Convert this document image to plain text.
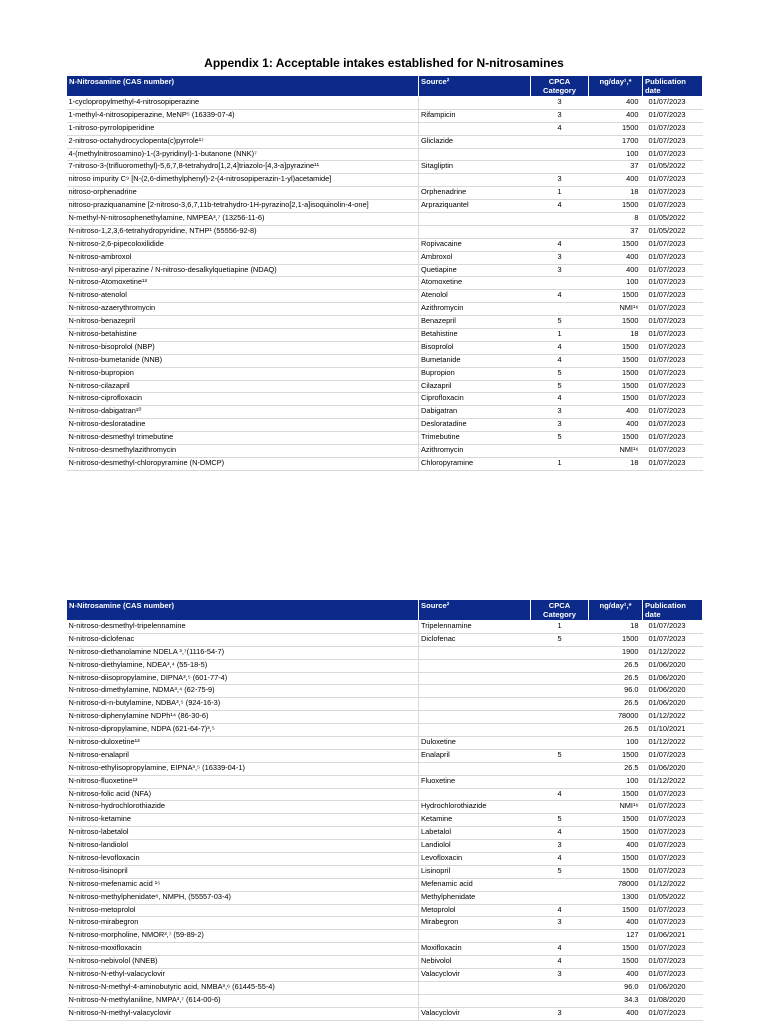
Appendix 1: Acceptable intakes established for N-nitrosamines
N-Nitrosamine (CAS number)	Source²	CPCA Category	ng/day¹,*	Publication date
1-cyclopropylmethyl-4-nitrosopiperazine		3	400	01/07/2023
1-methyl-4-nitrosopiperazine, MeNP⁵ (16339-07-4)	Rifampicin	3	400	01/07/2023
1-nitroso-pyrrolopiperidine		4	1500	01/07/2023
2-nitroso-octahydrocyclopenta(c)pyrrole¹⁷	Gliclazide		1700	01/07/2023
4-(methylnitrosoamino)-1-(3-pyridinyl)-1-butanone (NNK)⁷			100	01/07/2023
7-nitroso-3-(trifluoromethyl)-5,6,7,8-tetrahydro[1,2,4]triazolo-[4,3-a]pyrazine¹¹	Sitagliptin		37	01/05/2022
nitroso impurity C⁹ [N-(2,6-dimethylphenyl)-2-(4-nitrosopiperazin-1-yl)acetamide]		3	400	01/07/2023
nitroso-orphenadrine	Orphenadrine	1	18	01/07/2023
nitroso-praziquanamine [2-nitroso-3,6,7,11b-tetrahydro-1H-pyrazino[2,1-a]isoquinolin-4-one]	Arpraziquantel	4	1500	01/07/2023
N-methyl-N-nitrosophenethylamine, NMPEA³,⁷ (13256-11-6)			8	01/05/2022
N-nitroso-1,2,3,6-tetrahydropyridine, NTHP¹ (55556-92-8)			37	01/05/2022
N-nitroso-2,6-pipecoloxilidide	Ropivacaine	4	1500	01/07/2023
N-nitroso-ambroxol	Ambroxol	3	400	01/07/2023
N-nitroso-aryl piperazine / N-nitroso-desalkylquetiapine (NDAQ)	Quetiapine	3	400	01/07/2023
N-nitroso-Atomoxetine¹³	Atomoxetine		100	01/07/2023
N-nitroso-atenolol	Atenolol	4	1500	01/07/2023
N-nitroso-azaerythromycin	Azithromycin		NMI¹⁶	01/07/2023
N-nitroso-benazepril	Benazepril	5	1500	01/07/2023
N-nitroso-betahistine	Betahistine	1	18	01/07/2023
N-nitroso-bisoprolol (NBP)	Bisoprolol	4	1500	01/07/2023
N-nitroso-bumetanide (NNB)	Bumetanide	4	1500	01/07/2023
N-nitroso-bupropion	Bupropion	5	1500	01/07/2023
N-nitroso-cilazapril	Cilazapril	5	1500	01/07/2023
N-nitroso-ciprofloxacin	Ciprofloxacin	4	1500	01/07/2023
N-nitroso-dabigatran¹⁰	Dabigatran	3	400	01/07/2023
N-nitroso-desloratadine	Desloratadine	3	400	01/07/2023
N-nitroso-desmethyl trimebutine	Trimebutine	5	1500	01/07/2023
N-nitroso-desmethylazithromycin	Azithromycin		NMI¹⁶	01/07/2023
N-nitroso-desmethyl-chloropyramine (N-DMCP)	Chloropyramine	1	18	01/07/2023
N-Nitrosamine (CAS number)	Source²	CPCA Category	ng/day¹,*	Publication date
N-nitroso-desmethyl-tripelennamine	Tripelennamine	1	18	01/07/2023
N-nitroso-diclofenac	Diclofenac	5	1500	01/07/2023
N-nitroso-diethanolamine NDELA ³,⁷(1116-54-7)			1900	01/12/2022
N-nitroso-diethylamine, NDEA³,⁴ (55-18-5)			26.5	01/06/2020
N-nitroso-diisopropylamine, DIPNA³,⁵ (601-77-4)			26.5	01/06/2020
N-nitroso-dimethylamine, NDMA³,⁴ (62-75-9)			96.0	01/06/2020
N-nitroso-di-n-butylamine, NDBA³,⁵ (924-16-3)			26.5	01/06/2020
N-nitroso-diphenylamine NDPh¹⁴ (86-30-6)			78000	01/12/2022
N-nitroso-dipropylamine, NDPA (621-64-7)³,⁵			26.5	01/10/2021
N-nitroso-duloxetine¹³	Duloxetine		100	01/12/2022
N-nitroso-enalapril	Enalapril	5	1500	01/07/2023
N-nitroso-ethylisopropylamine, EIPNA³,⁵ (16339-04-1)			26.5	01/06/2020
N-nitroso-fluoxetine¹³	Fluoxetine		100	01/12/2022
N-nitroso-folic acid (NFA)		4	1500	01/07/2023
N-nitroso-hydrochlorothiazide	Hydrochlorothiazide		NMI¹⁶	01/07/2023
N-nitroso-ketamine	Ketamine	5	1500	01/07/2023
N-nitroso-labetalol	Labetalol	4	1500	01/07/2023
N-nitroso-landiolol	Landiolol	3	400	01/07/2023
N-nitroso-levofloxacin	Levofloxacin	4	1500	01/07/2023
N-nitroso-lisinopril	Lisinopril	5	1500	01/07/2023
N-nitroso-mefenamic acid ¹⁵	Mefenamic acid		78000	01/12/2022
N-nitroso-methylphenidate⁸, NMPH, (55557-03-4)	Methylphenidate		1300	01/05/2022
N-nitroso-metoprolol	Metoprolol	4	1500	01/07/2023
N-nitroso-mirabegron	Mirabegron	3	400	01/07/2023
N-nitroso-morpholine, NMOR³,⁷ (59-89-2)			127	01/06/2021
N-nitroso-moxifloxacin	Moxifloxacin	4	1500	01/07/2023
N-nitroso-nebivolol (NNEB)	Nebivolol	4	1500	01/07/2023
N-nitroso-N-ethyl-valacyclovir	Valacyclovir	3	400	01/07/2023
N-nitroso-N-methyl-4-aminobutyric acid, NMBA³,⁶ (61445-55-4)			96.0	01/06/2020
N-nitroso-N-methylaniline, NMPA³,⁷ (614-00-6)			34.3	01/08/2020
N-nitroso-N-methyl-valacyclovir	Valacyclovir	3	400	01/07/2023
